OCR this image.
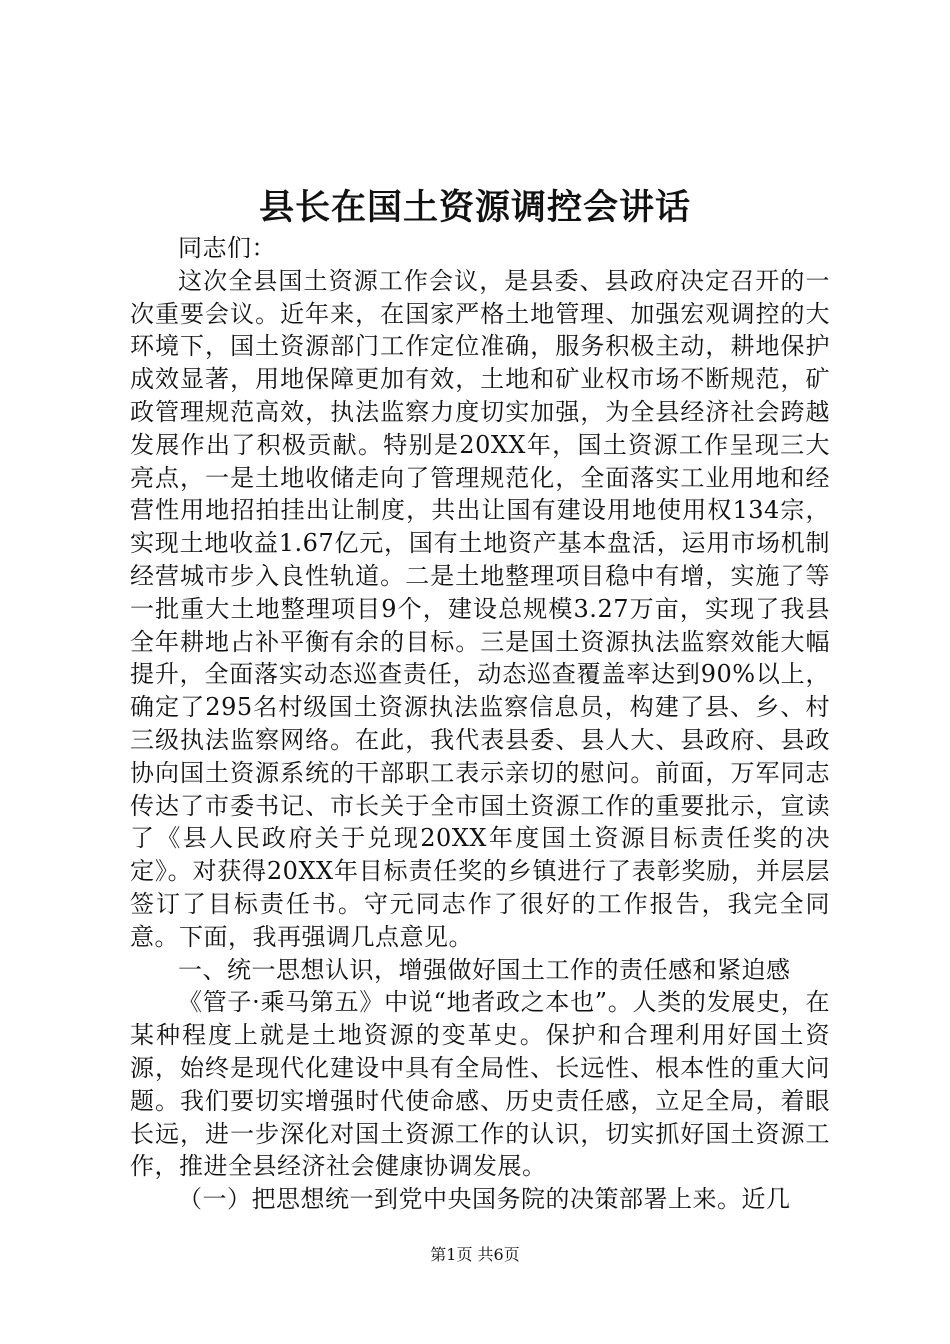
县长在国土资源调控会讲话

同志们：

这次全县国土资源工作会议，是县委、县政府决定召开的一次重要会议。近年来，在国家严格土地管理、加强宏观调控的大环境下，国土资源部门工作定位准确，服务积极主动，耕地保护成效显著，用地保障更加有效，土地和矿业权市场不断规范，矿政管理规范高效，执法监察力度切实加强，为全县经济社会跨越发展作出了积极贡献。特别是20XX年，国土资源工作呈现三大亮点，一是土地收储走向了管理规范化，全面落实工业用地和经营性用地招拍挂出让制度，共出让国有建设用地使用权134宗，实现土地收益1.67亿元，国有土地资产基本盘活，运用市场机制经营城市步入良性轨道。二是土地整理项目稳中有增，实施了等一批重大土地整理项目9个，建设总规模3.27万亩，实现了我县全年耕地占补平衡有余的目标。三是国土资源执法监察效能大幅提升，全面落实动态巡查责任，动态巡查覆盖率达到90%以上，确定了295名村级国土资源执法监察信息员，构建了县、乡、村三级执法监察网络。在此，我代表县委、县人大、县政府、县政协向国土资源系统的干部职工表示亲切的慰问。前面，万军同志传达了市委书记、市长关于全市国土资源工作的重要批示，宣读了《县人民政府关于兑现20XX年度国土资源目标责任奖的决定》。对获得20XX年目标责任奖的乡镇进行了表彰奖励，并层层签订了目标责任书。守元同志作了很好的工作报告，我完全同意。下面，我再强调几点意见。

一、统一思想认识，增强做好国土工作的责任感和紧迫感

《管子·乘马第五》中说“地者政之本也”。人类的发展史，在某种程度上就是土地资源的变革史。保护和合理利用好国土资源，始终是现代化建设中具有全局性、长远性、根本性的重大问题。我们要切实增强时代使命感、历史责任感，立足全局，着眼长远，进一步深化对国土资源工作的认识，切实抓好国土资源工作，推进全县经济社会健康协调发展。

（一）把思想统一到党中央国务院的决策部署上来。近几

第1页 共6页
